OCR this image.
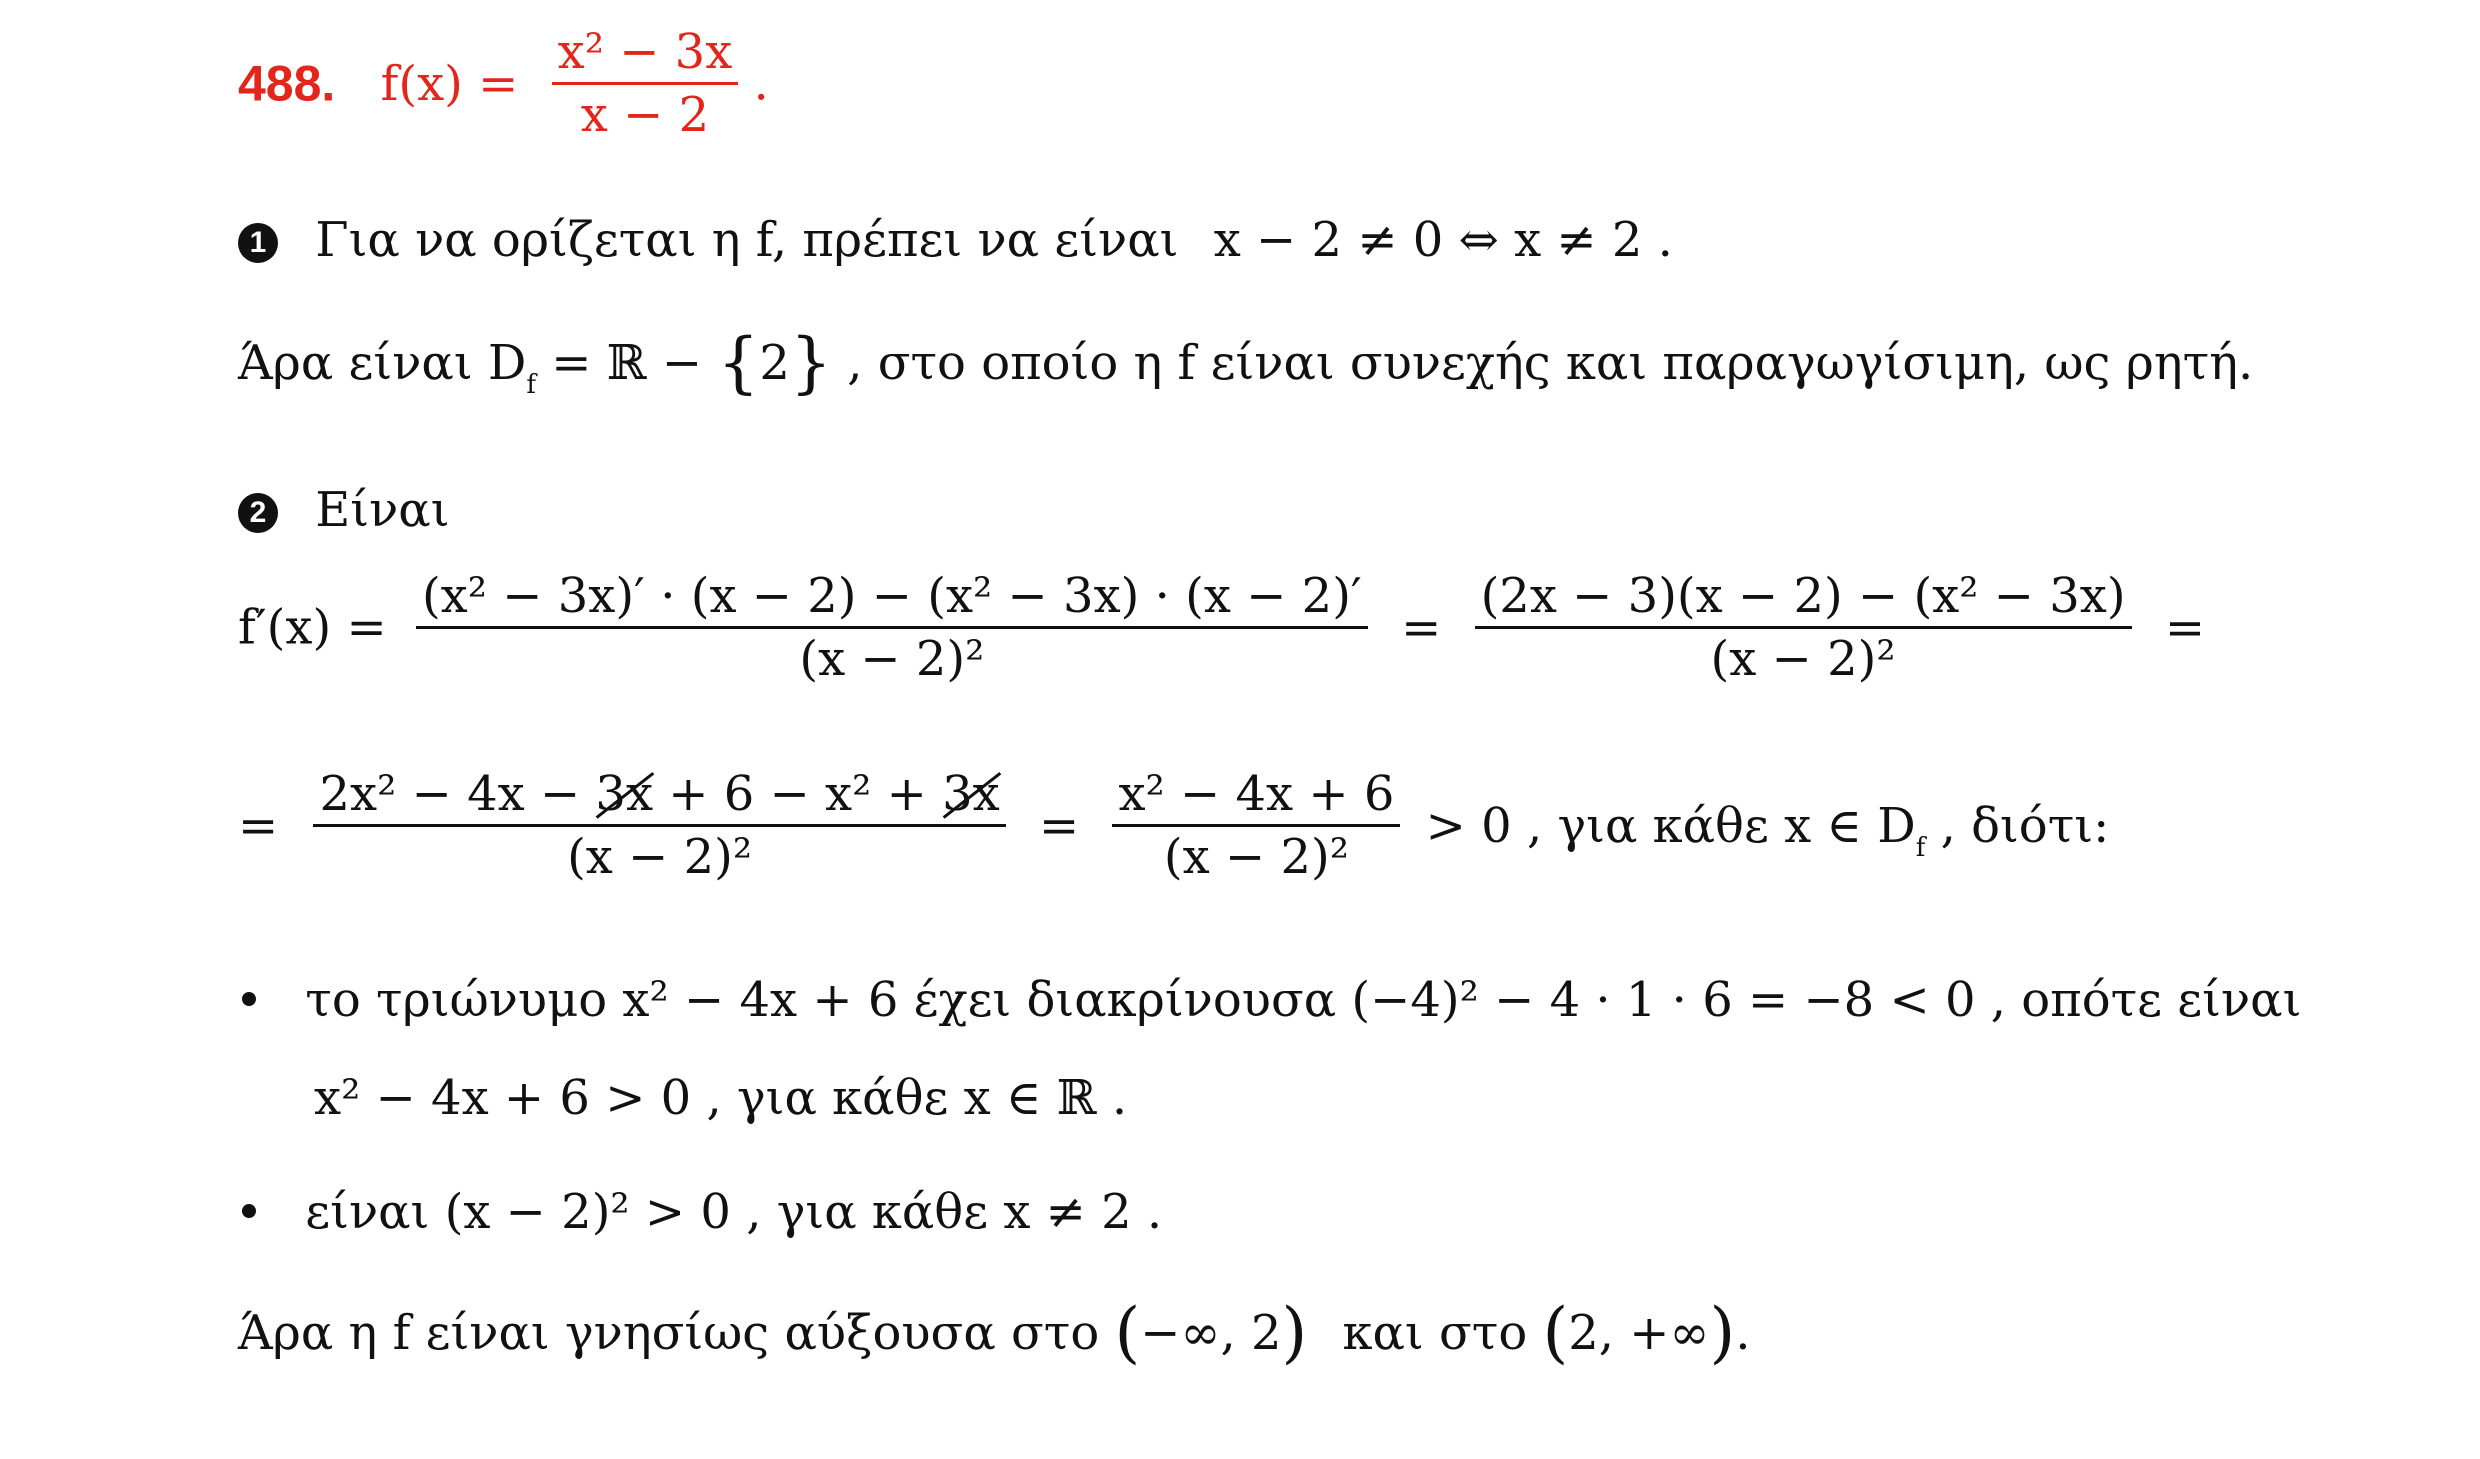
488. $f(x) = \frac{\text{x² − 3x}}{x - 2}$ .
1 Για να ορίζεται η f, πρέπει να είναι x − 2 ≠ 0 ⇔ x ≠ 2 .
Άρα είναι $D_f$ = ℝ − {2} , στο οποίο η f είναι συνεχής και παραγωγίσιμη, ως ρητή.
2 Είναι
$f'(x) = \frac{\text{(x² − 3x)′ · (x − 2) − (x² − 3x) · (x − 2)′}}{\text{(x − 2)²}} = \frac{\text{(2x − 3)(x − 2) − (x² − 3x)}}{\text{(x − 2)²}}$ =
= $\frac{\text{2x² − 4x − 3x + 6 − x² + 3x}}{\text{(x − 2)²}} = \frac{\text{x² − 4x + 6}}{\text{(x − 2)²}} > 0$ , για κάθε x ∈ $D_f$ , διότι:
το τριώνυμο x² − 4x + 6 έχει διακρίνουσα (−4)² − 4 · 1 · 6 = −8 < 0 , οπότε είναι
x² − 4x + 6 > 0 , για κάθε x ∈ ℝ .
είναι (x − 2)² > 0 , για κάθε x ≠ 2 .
Άρα η f είναι γνησίως αύξουσα στο (−∞, 2) και στο (2, +∞).
